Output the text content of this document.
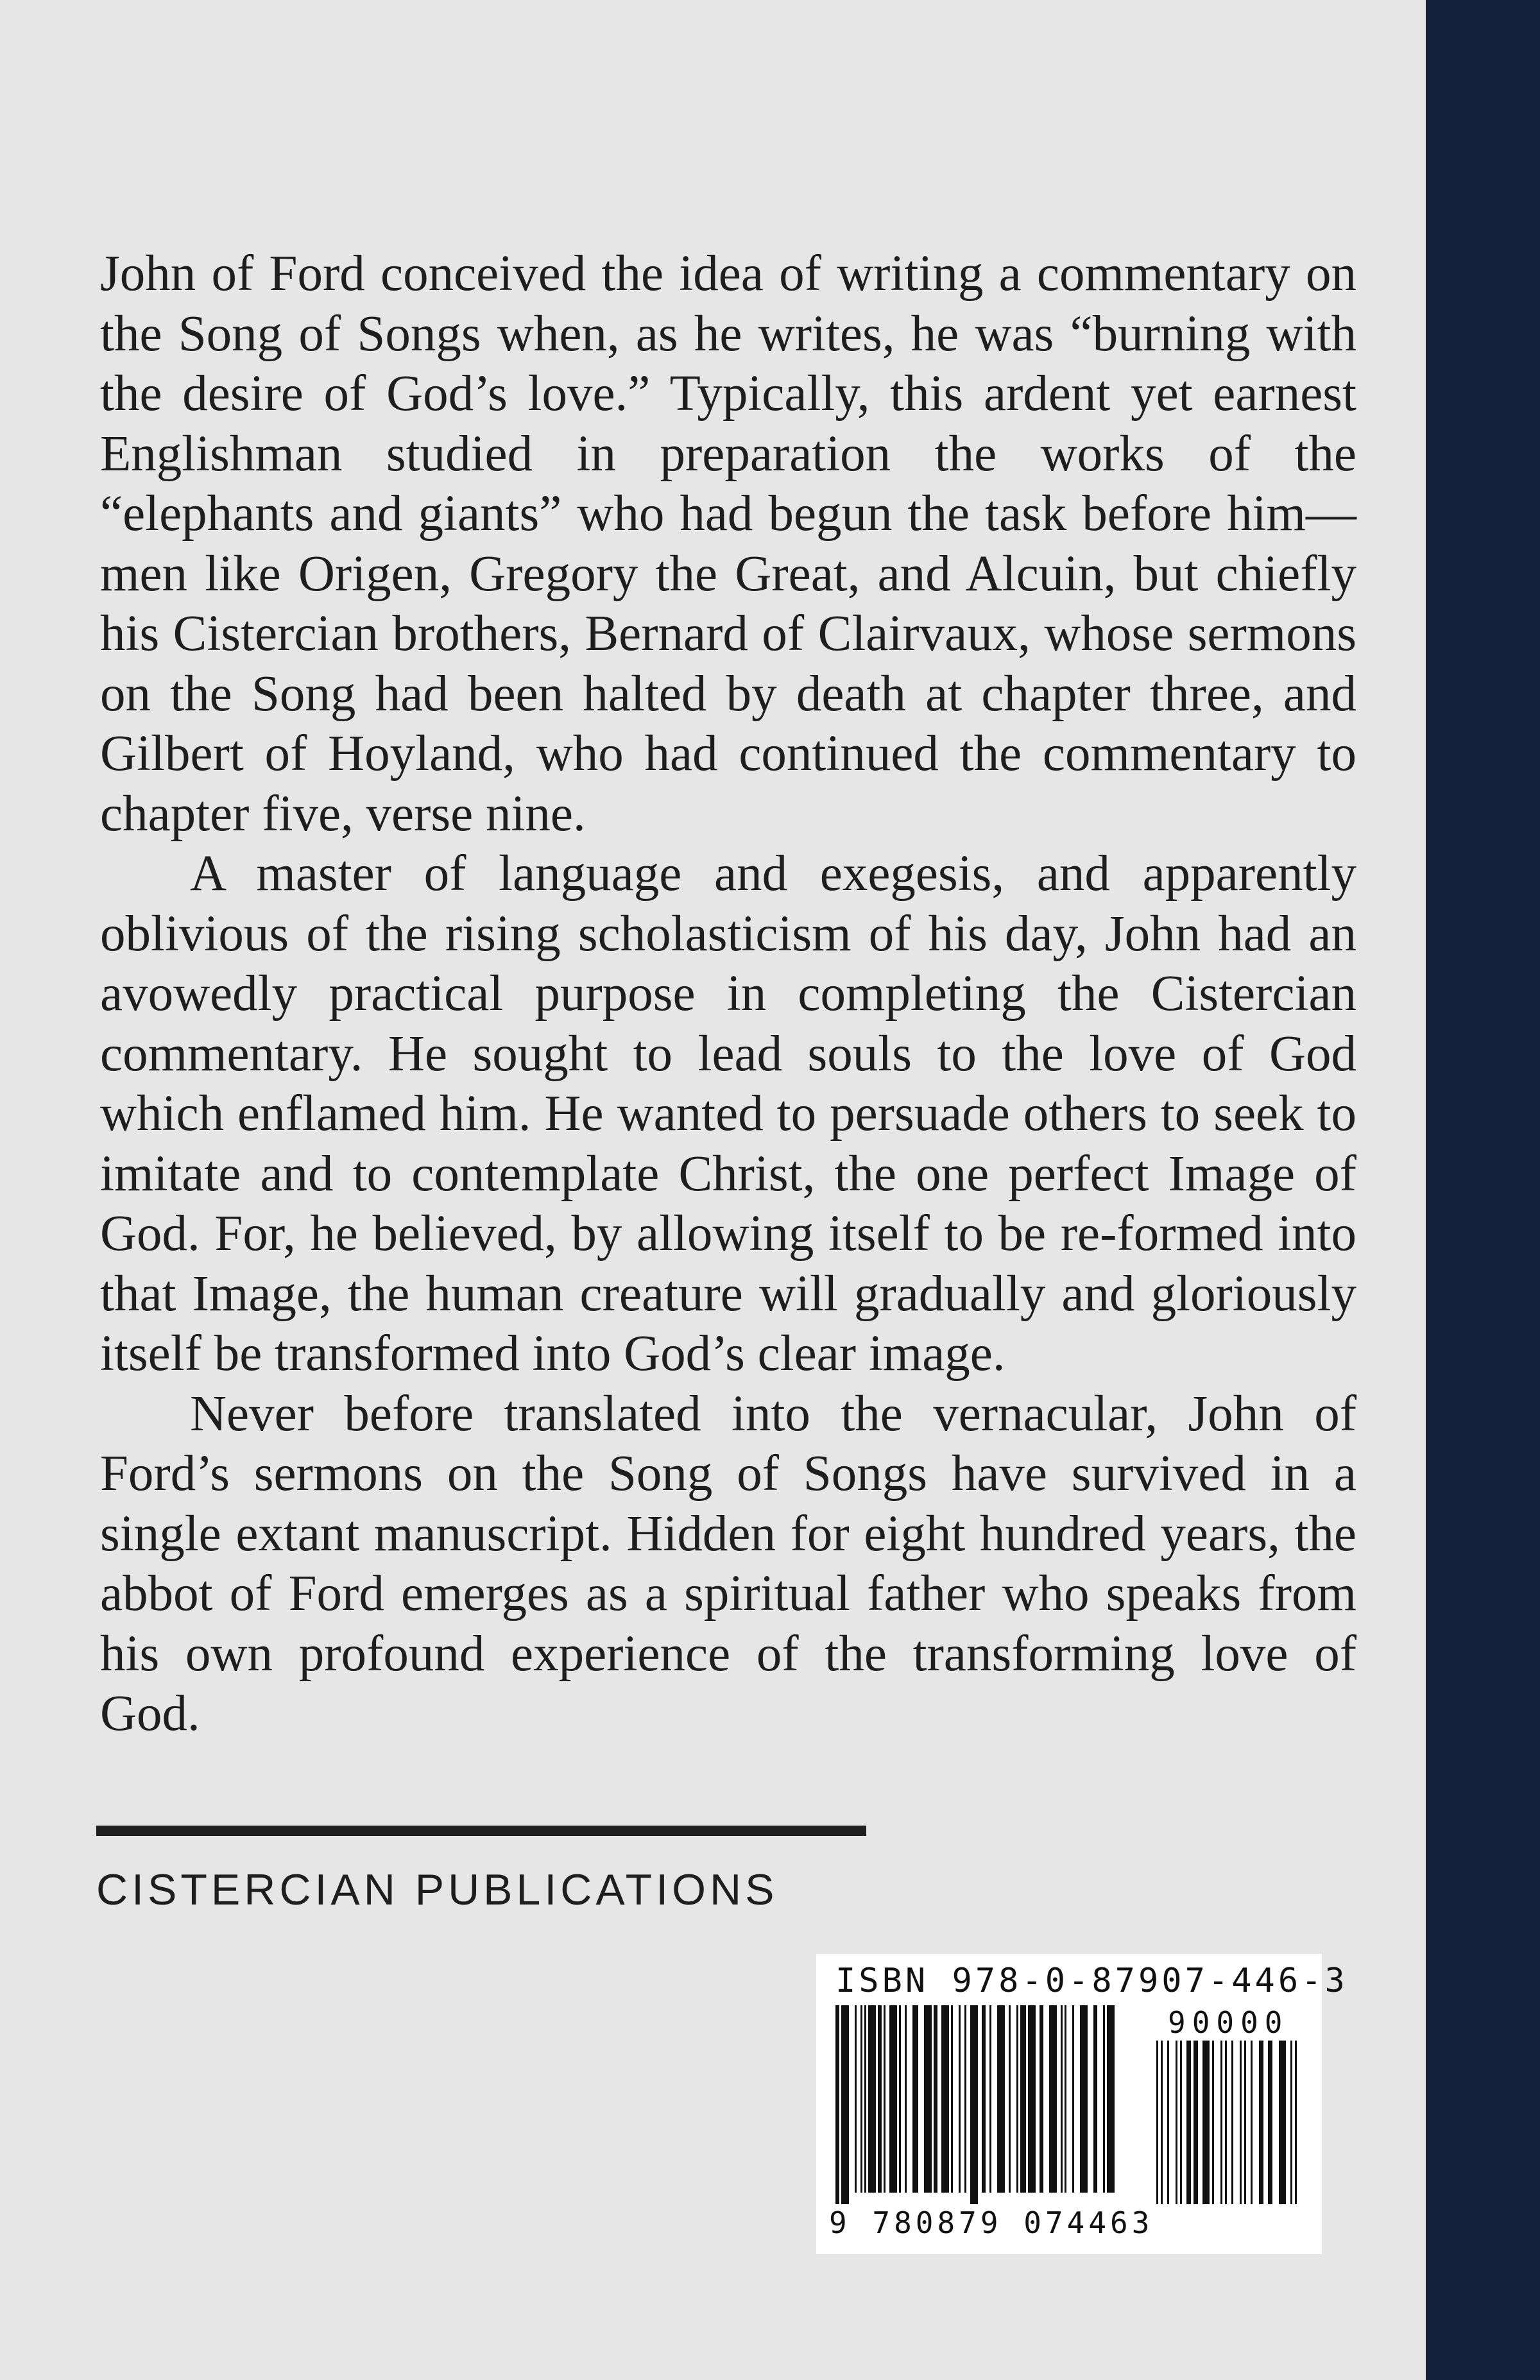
John of Ford conceived the idea of writing a commentary on the Song of Songs when, as he writes, he was “burning with the desire of God’s love.” Typically, this ardent yet earnest Englishman studied in preparation the works of the “elephants and giants” who had begun the task before him—men like Origen, Gregory the Great, and Alcuin, but chiefly his Cistercian brothers, Bernard of Clairvaux, whose sermons on the Song had been halted by death at chapter three, and Gilbert of Hoyland, who had continued the commentary to chapter five, verse nine.

A master of language and exegesis, and apparently oblivious of the rising scholasticism of his day, John had an avowedly practical purpose in completing the Cistercian commentary. He sought to lead souls to the love of God which enflamed him. He wanted to persuade others to seek to imitate and to contemplate Christ, the one perfect Image of God. For, he believed, by allowing itself to be re-formed into that Image, the human creature will gradually and gloriously itself be transformed into God’s clear image.

Never before translated into the vernacular, John of Ford’s sermons on the Song of Songs have survived in a single extant manuscript. Hidden for eight hundred years, the abbot of Ford emerges as a spiritual father who speaks from his own profound experience of the transforming love of God.

CISTERCIAN PUBLICATIONS
ISBN 978-0-87907-446-3
90000
9 780879 074463
